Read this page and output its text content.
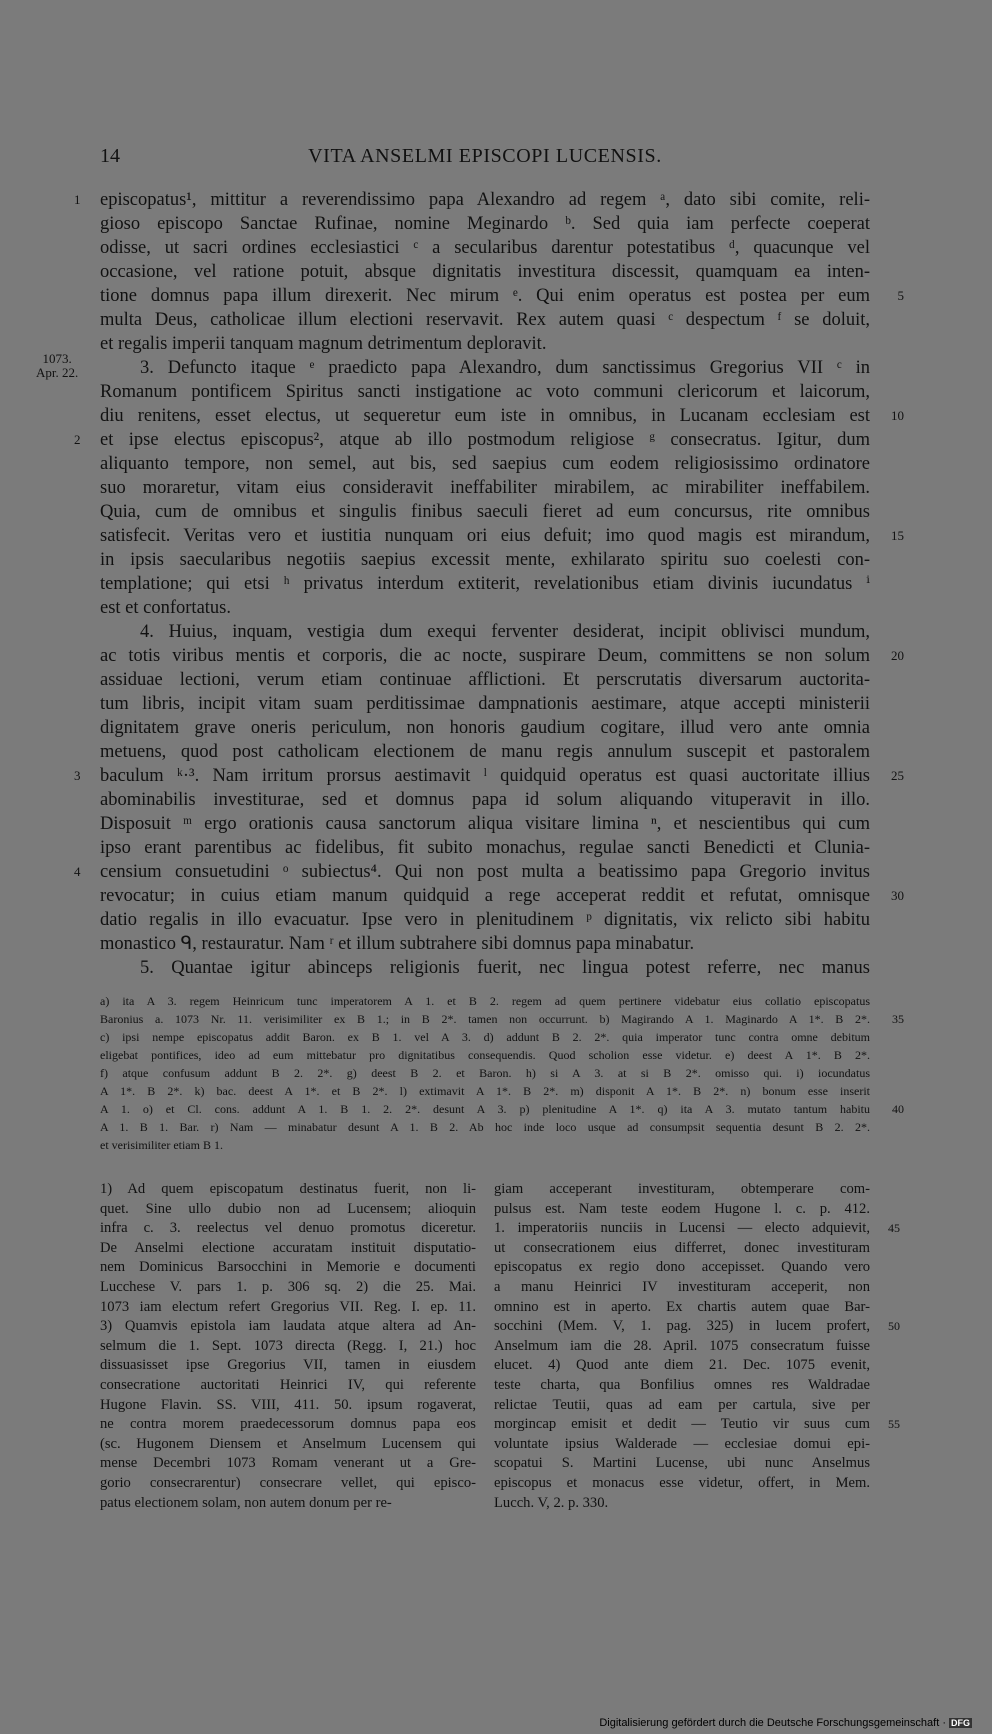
14	VITA ANSELMI EPISCOPI LUCENSIS.
episcopatus¹, mittitur a reverendissimo papa Alexandro ad regem ᵃ, dato sibi comite, reli-
1
gioso episcopo Sanctae Rufinae, nomine Meginardo ᵇ. Sed quia iam perfecte coeperat
odisse, ut sacri ordines ecclesiastici ᶜ a secularibus darentur potestatibus ᵈ, quacunque vel
occasione, vel ratione potuit, absque dignitatis investitura discessit, quamquam ea inten-
tione domnus papa illum direxerit. Nec mirum ᵉ. Qui enim operatus est postea per eum 5
multa Deus, catholicae illum electioni reservavit. Rex autem quasi ᶜ despectum ᶠ se doluit,
et regalis imperii tanquam magnum detrimentum deploravit.
3. Defuncto itaque ᵉ praedicto papa Alexandro, dum sanctissimus Gregorius VII ᶜ in
Romanum pontificem Spiritus sancti instigatione ac voto communi clericorum et laicorum,
diu renitens, esset electus, ut sequeretur eum iste in omnibus, in Lucanam ecclesiam est 10
et ipse electus episcopus², atque ab illo postmodum religiose ᵍ consecratus. Igitur, dum
2
aliquanto tempore, non semel, aut bis, sed saepius cum eodem religiosissimo ordinatore
suo moraretur, vitam eius consideravit ineffabiliter mirabilem, ac mirabiliter ineffabilem.
Quia, cum de omnibus et singulis finibus saeculi fieret ad eum concursus, rite omnibus
satisfecit. Veritas vero et iustitia nunquam ori eius defuit; imo quod magis est mirandum, 15
in ipsis saecularibus negotiis saepius excessit mente, exhilarato spiritu suo coelesti con-
templatione; qui etsi ʰ privatus interdum extiterit, revelationibus etiam divinis iucundatus ⁱ
est et confortatus.
4. Huius, inquam, vestigia dum exequi ferventer desiderat, incipit oblivisci mundum,
ac totis viribus mentis et corporis, die ac nocte, suspirare Deum, committens se non solum 20
assiduae lectioni, verum etiam continuae afflictioni. Et perscrutatis diversarum auctorita-
tum libris, incipit vitam suam perditissimae dampnationis aestimare, atque accepti ministerii
dignitatem grave oneris periculum, non honoris gaudium cogitare, illud vero ante omnia
metuens, quod post catholicam electionem de manu regis annulum suscepit et pastoralem
baculum ᵏ·³. Nam irritum prorsus aestimavit ˡ quidquid operatus est quasi auctoritate illius
3	25
abominabilis investiturae, sed et domnus papa id solum aliquando vituperavit in illo.
Disposuit ᵐ ergo orationis causa sanctorum aliqua visitare limina ⁿ, et nescientibus qui cum
ipso erant parentibus ac fidelibus, fit subito monachus, regulae sancti Benedicti et Clunia-
censium consuetudini ᵒ subiectus⁴. Qui non post multa a beatissimo papa Gregorio invitus
4
revocatur; in cuius etiam manum quidquid a rege acceperat reddit et refutat, omnisque 30
datio regalis in illo evacuatur. Ipse vero in plenitudinem ᵖ dignitatis, vix relicto sibi habitu
monastico ᑫ, restauratur. Nam ʳ et illum subtrahere sibi domnus papa minabatur.
5. Quantae igitur abinceps religionis fuerit, nec lingua potest referre, nec manus
1073.
Apr. 22.
a) ita A 3. regem Heinricum tunc imperatorem A 1. et B 2. regem ad quem pertinere videbatur eius collatio episcopatus
Baronius a. 1073 Nr. 11. verisimiliter ex B 1.; in B 2*. tamen non occurrunt. b) Magirando A 1. Maginardo A 1*. B 2*. 35
c) ipsi nempe episcopatus addit Baron. ex B 1. vel A 3. d) addunt B 2. 2*. quia imperator tunc contra omne debitum
eligebat pontifices, ideo ad eum mittebatur pro dignitatibus consequendis. Quod scholion esse videtur. e) deest A 1*. B 2*.
f) atque confusum addunt B 2. 2*. g) deest B 2. et Baron. h) si A 3. at si B 2*. omisso qui. i) iocundatus
A 1*. B 2*. k) bac. deest A 1*. et B 2*. l) extimavit A 1*. B 2*. m) disponit A 1*. B 2*. n) bonum esse inserit
A 1. o) et Cl. cons. addunt A 1. B 1. 2. 2*. desunt A 3. p) plenitudine A 1*. q) ita A 3. mutato tantum habitu 40
A 1. B 1. Bar. r) Nam — minabatur desunt A 1. B 2. Ab hoc inde loco usque ad consumpsit sequentia desunt B 2. 2*.
et verisimiliter etiam B 1.
1) Ad quem episcopatum destinatus fuerit, non li-
quet. Sine ullo dubio non ad Lucensem; alioquin
infra c. 3. reelectus vel denuo promotus diceretur.
De Anselmi electione accuratam instituit disputatio-
nem Dominicus Barsocchini in Memorie e documenti
Lucchese V. pars 1. p. 306 sq. 2) die 25. Mai.
1073 iam electum refert Gregorius VII. Reg. I. ep. 11.
3) Quamvis epistola iam laudata atque altera ad An-
selmum die 1. Sept. 1073 directa (Regg. I, 21.) hoc
dissuasisset ipse Gregorius VII, tamen in eiusdem
consecratione auctoritati Heinrici IV, qui referente
Hugone Flavin. SS. VIII, 411. 50. ipsum rogaverat,
ne contra morem praedecessorum domnus papa eos
(sc. Hugonem Diensem et Anselmum Lucensem qui
mense Decembri 1073 Romam venerant ut a Gre-
gorio consecrarentur) consecrare vellet, qui episco-
patus electionem solam, non autem donum per re-
giam acceperant investituram, obtemperare com-
pulsus est. Nam teste eodem Hugone l. c. p. 412.
1. imperatoriis nunciis in Lucensi — electo adquievit, 45
ut consecrationem eius differret, donec investituram
episcopatus ex regio dono accepisset. Quando vero
a manu Heinrici IV investituram acceperit, non
omnino est in aperto. Ex chartis autem quae Bar-
socchini (Mem. V, 1. pag. 325) in lucem profert, 50
Anselmum iam die 28. April. 1075 consecratum fuisse
elucet. 4) Quod ante diem 21. Dec. 1075 evenit,
teste charta, qua Bonfilius omnes res Waldradae
relictae Teutii, quas ad eam per cartula, sive per
morgincap emisit et dedit — Teutio vir suus cum 55
voluntate ipsius Walderade — ecclesiae domui epi-
scopatui S. Martini Lucense, ubi nunc Anselmus
episcopus et monacus esse videtur, offert, in Mem.
Lucch. V, 2. p. 330.
Digitalisierung gefördert durch die Deutsche Forschungsgemeinschaft · DFG
